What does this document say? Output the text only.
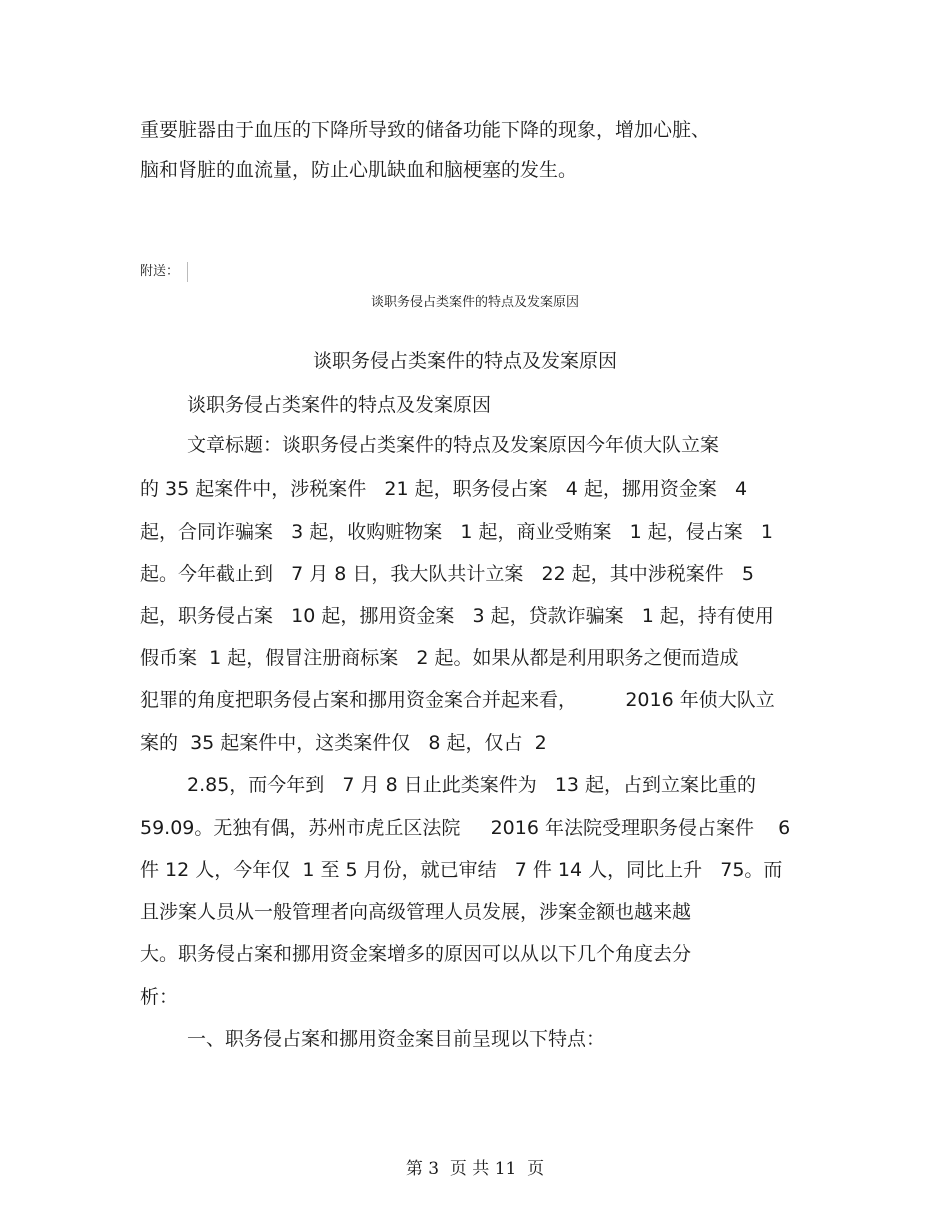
重要脏器由于血压的下降所导致的储备功能下降的现象，增加心脏、
脑和肾脏的血流量，防止心肌缺血和脑梗塞的发生。
附送：
谈职务侵占类案件的特点及发案原因
谈职务侵占类案件的特点及发案原因
谈职务侵占类案件的特点及发案原因
文章标题：谈职务侵占类案件的特点及发案原因今年侦大队立案
的 35 起案件中，涉税案件   21 起，职务侵占案   4 起，挪用资金案   4
起，合同诈骗案   3 起，收购赃物案   1 起，商业受贿案   1 起，侵占案   1
起。今年截止到   7 月 8 日，我大队共计立案   22 起，其中涉税案件   5
起，职务侵占案   10 起，挪用资金案   3 起，贷款诈骗案   1 起，持有使用
假币案  1 起，假冒注册商标案   2 起。如果从都是利用职务之便而造成
犯罪的角度把职务侵占案和挪用资金案合并起来看，        2016 年侦大队立
案的  35 起案件中，这类案件仅   8 起，仅占  2
2.85，而今年到   7 月 8 日止此类案件为   13 起，占到立案比重的
59.09。无独有偶，苏州市虎丘区法院     2016 年法院受理职务侵占案件    6
件 12 人，今年仅  1 至 5 月份，就已审结   7 件 14 人，同比上升   75。而
且涉案人员从一般管理者向高级管理人员发展，涉案金额也越来越
大。职务侵占案和挪用资金案增多的原因可以从以下几个角度去分
析：
一、职务侵占案和挪用资金案目前呈现以下特点：
第 3  页 共 11  页
